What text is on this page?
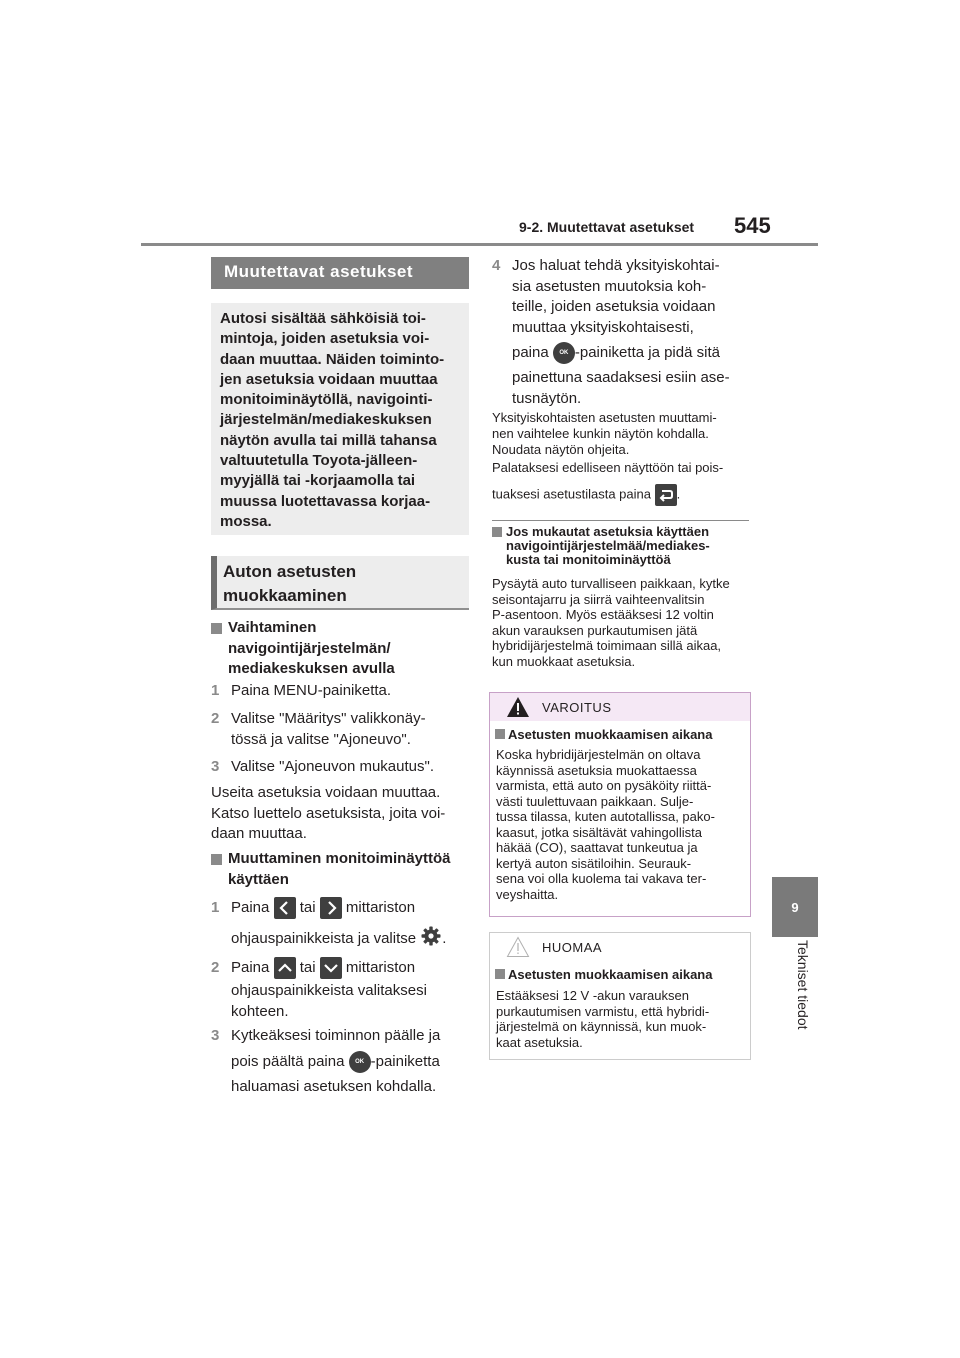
9-2. Muutettavat asetukset 545
9
Tekniset tiedot
Muutettavat asetukset
Autosi sisältää sähköisiä toi-
mintoja, joiden asetuksia voi-
daan muuttaa. Näiden toiminto-
jen asetuksia voidaan muuttaa
monitoiminäytöllä, navigointi-
järjestelmän/mediakeskuksen
näytön avulla tai millä tahansa
valtuutetulla Toyota-jälleen-
myyjällä tai -korjaamolla tai
muussa luotettavassa korjaa-
mossa.
Auton asetusten
muokkaaminen
Vaihtaminen
navigointijärjestelmän/
mediakeskuksen avulla
1 Paina MENU-painiketta.
2 Valitse "Määritys" valikkonäy-
tössä ja valitse "Ajoneuvo".
3 Valitse "Ajoneuvon mukautus".
Useita asetuksia voidaan muuttaa.
Katso luettelo asetuksista, joita voi-
daan muuttaa.
Muuttaminen monitoiminäyttöä
käyttäen
1 Paina tai mittariston
ohjauspainikkeista ja valitse .
2 Paina tai mittariston
ohjauspainikkeista valitaksesi
kohteen.
3 Kytkeäksesi toiminnon päälle ja
pois päältä paina OK -painiketta
haluamasi asetuksen kohdalla.
4 Jos haluat tehdä yksityiskohtai-
sia asetusten muutoksia koh-
teille, joiden asetuksia voidaan
muuttaa yksityiskohtaisesti,
paina OK -painiketta ja pidä sitä
painettuna saadaksesi esiin ase-
tusnäytön.
Yksityiskohtaisten asetusten muuttami-
nen vaihtelee kunkin näytön kohdalla.
Noudata näytön ohjeita.
Palataksesi edelliseen näyttöön tai pois-
tuaksesi asetustilasta paina .
Jos mukautat asetuksia käyttäen
navigointijärjestelmää/mediakes-
kusta tai monitoiminäyttöä
Pysäytä auto turvalliseen paikkaan, kytke
seisontajarru ja siirrä vaihteenvalitsin
P-asentoon. Myös estääksesi 12 voltin
akun varauksen purkautumisen jätä
hybridijärjestelmä toimimaan sillä aikaa,
kun muokkaat asetuksia.
VAROITUS
Asetusten muokkaamisen aikana
Koska hybridijärjestelmän on oltava
käynnissä asetuksia muokattaessa
varmista, että auto on pysäköity riittä-
västi tuulettuvaan paikkaan. Sulje-
tussa tilassa, kuten autotallissa, pako-
kaasut, jotka sisältävät vahingollista
häkää (CO), saattavat tunkeutua ja
kertyä auton sisätiloihin. Seurauk-
sena voi olla kuolema tai vakava ter-
veyshaitta.
HUOMAA
Asetusten muokkaamisen aikana
Estääksesi 12 V -akun varauksen
purkautumisen varmistu, että hybridi-
järjestelmä on käynnissä, kun muok-
kaat asetuksia.
